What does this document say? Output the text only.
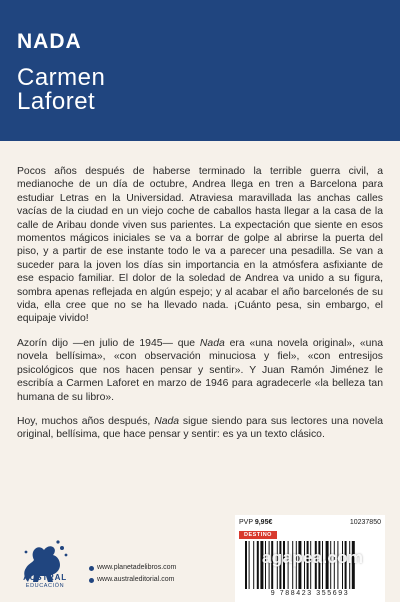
NADA
Carmen
Laforet

Pocos años después de haberse terminado la terrible guerra civil, a medianoche de un día de octubre, Andrea llega en tren a Barcelona para estudiar Letras en la Universidad. Atraviesa maravillada las anchas calles vacías de la ciudad en un viejo coche de caballos hasta llegar a la casa de la calle de Aribau donde viven sus parientes. La expectación que siente en esos momentos mágicos iniciales se va a borrar de golpe al abrirse la puerta del piso, y a partir de ese instante todo le va a parecer una pesadilla. Se van a suceder para la joven los días sin importancia en la atmósfera asfixiante de ese espacio familiar. El dolor de la soledad de Andrea va unido a su figura, sombra apenas reflejada en algún espejo; y al acabar el año barcelonés de su vida, ella cree que no se ha llevado nada. ¡Cuánto pesa, sin embargo, el equipaje vivido!

Azorín dijo —en julio de 1945— que Nada era «una novela original», «una novela bellísima», «con observación minuciosa y fiel», «con entresijos psicológicos que nos hacen pensar y sentir». Y Juan Ramón Jiménez le escribía a Carmen Laforet en marzo de 1946 para agradecerle «la belleza tan humana de su libro».

Hoy, muchos años después, Nada sigue siendo para sus lectores una novela original, bellísima, que hace pensar y sentir: es ya un texto clásico.

AUSTRAL
EDUCACIÓN
www.planetadelibros.com
www.australeditorial.com
PVP 9,95€	10237850
DESTINO
9 788423 355693
agapea.com
